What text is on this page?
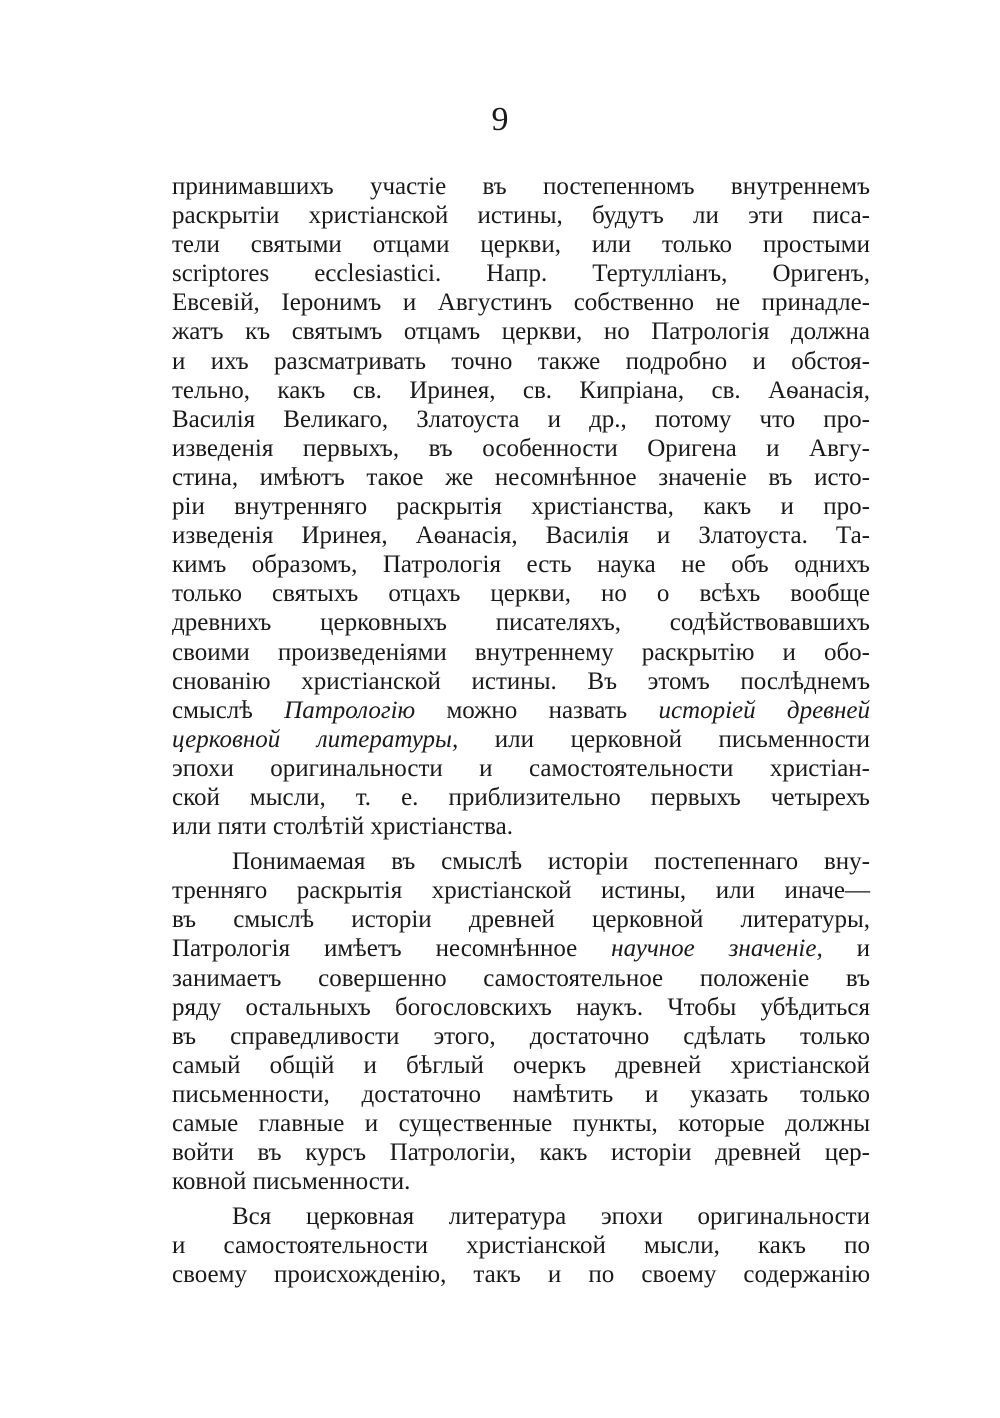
9
принимавшихъ участіе въ постепенномъ внутреннемъ
раскрытіи христіанской истины, будутъ ли эти писа-
тели святыми отцами церкви, или только простыми
scriptores ecclesiastici. Напр. Тертулліанъ, Оригенъ,
Евсевій, Іеронимъ и Августинъ собственно не принадле-
жатъ къ святымъ отцамъ церкви, но Патрологія должна
и ихъ разсматривать точно также подробно и обстоя-
тельно, какъ св. Иринея, св. Кипріана, св. Аѳанасія,
Василія Великаго, Златоуста и др., потому что про-
изведенія первыхъ, въ особенности Оригена и Авгу-
стина, имѣютъ такое же несомнѣнное значеніе въ исто-
ріи внутренняго раскрытія христіанства, какъ и про-
изведенія Иринея, Аѳанасія, Василія и Златоуста. Та-
кимъ образомъ, Патрологія есть наука не объ однихъ
только святыхъ отцахъ церкви, но о всѣхъ вообще
древнихъ церковныхъ писателяхъ, содѣйствовавшихъ
своими произведеніями внутреннему раскрытію и обо-
снованію христіанской истины. Въ этомъ послѣднемъ
смыслѣ Патрологію можно назвать исторіей древней
церковной литературы, или церковной письменности
эпохи оригинальности и самостоятельности христіан-
ской мысли, т. е. приблизительно первыхъ четырехъ
или пяти столѣтій христіанства.
Понимаемая въ смыслѣ исторіи постепеннаго вну-
тренняго раскрытія христіанской истины, или иначе—
въ смыслѣ исторіи древней церковной литературы,
Патрологія имѣетъ несомнѣнное научное значеніе, и
занимаетъ совершенно самостоятельное положеніе въ
ряду остальныхъ богословскихъ наукъ. Чтобы убѣдиться
въ справедливости этого, достаточно сдѣлать только
самый общій и бѣглый очеркъ древней христіанской
письменности, достаточно намѣтить и указать только
самые главные и существенные пункты, которые должны
войти въ курсъ Патрологіи, какъ исторіи древней цер-
ковной письменности.
Вся церковная литература эпохи оригинальности
и самостоятельности христіанской мысли, какъ по
своему происхожденію, такъ и по своему содержанію
